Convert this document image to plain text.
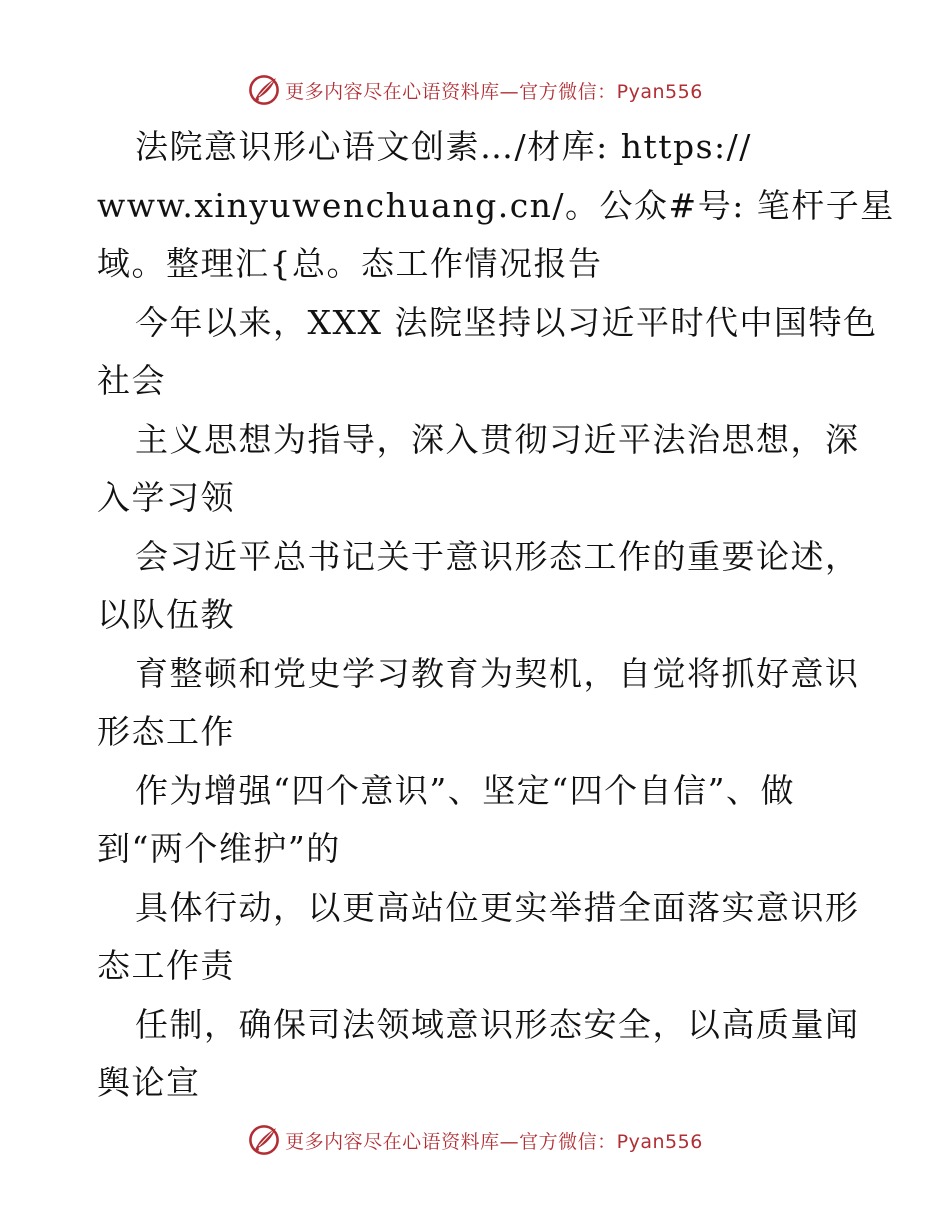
更多内容尽在心语资料库—官方微信：Pyan556
法院意识形心语文创素…/材库: https://
www.xinyuwenchuang.cn/。公众#号: 笔杆子星
域。整理汇{总。态工作情况报告
今年以来，XXX 法院坚持以习近平时代中国特色
社会
主义思想为指导，深入贯彻习近平法治思想，深
入学习领
会习近平总书记关于意识形态工作的重要论述，
以队伍教
育整顿和党史学习教育为契机，自觉将抓好意识
形态工作
作为增强“四个意识”、坚定“四个自信”、做
到“两个维护”的
具体行动，以更高站位更实举措全面落实意识形
态工作责
任制，确保司法领域意识形态安全，以高质量闻
舆论宣
更多内容尽在心语资料库—官方微信：Pyan556
